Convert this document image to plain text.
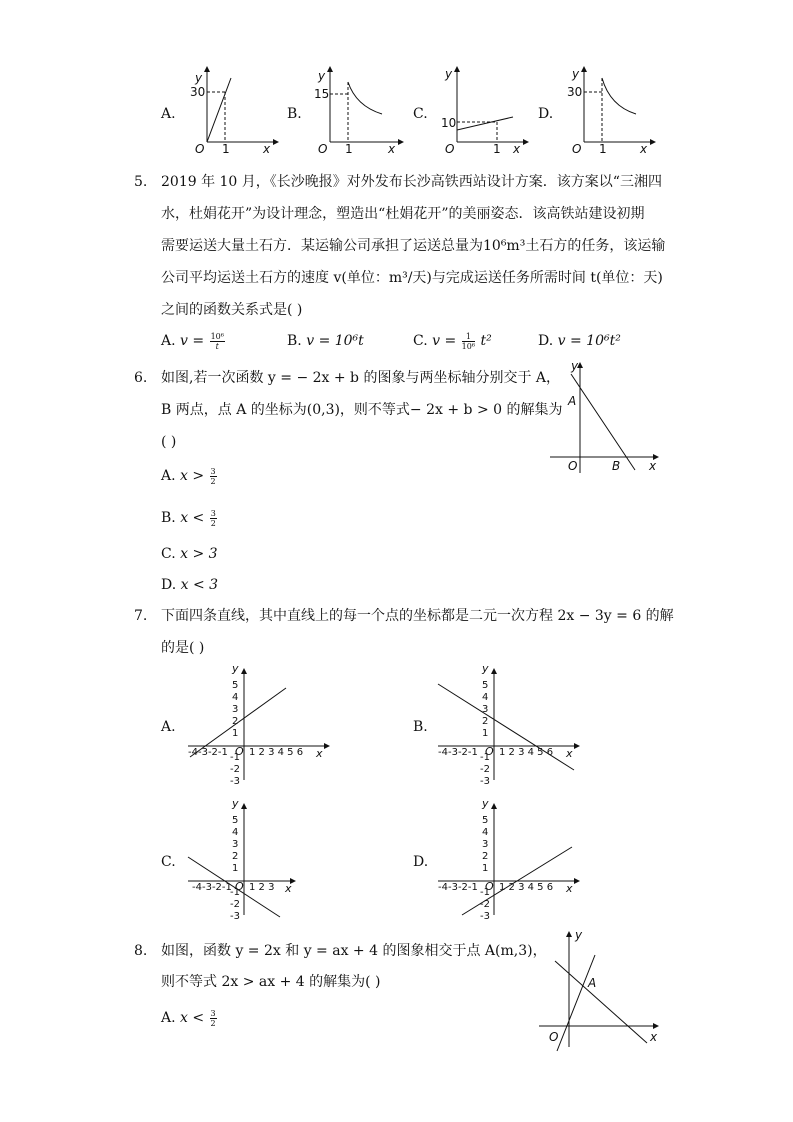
A.
y
30
O 1	x
B.
y
15
O 1	x
C.
y
10
O	1 x
D.
y
30
O 1	x
5. 2019 年 10 月，《长沙晚报》对外发布长沙高铁西站设计方案．该方案以“三湘四
水，杜娟花开”为设计理念，塑造出“杜娟花开”的美丽姿态．该高铁站建设初期
需要运送大量土石方．某运输公司承担了运送总量为10⁶m³土石方的任务，该运输
公司平均运送土石方的速度 v(单位：m³/天)与完成运送任务所需时间 t(单位：天)
之间的函数关系式是( )
A. $v = \frac{\text{10⁶}}{t}$	B. v = 10⁶t	C. $v = \frac{1}{\text{10⁶}} t^2$	D. v = 10⁶t²
6. 如图,若一次函数 y = − 2x + b 的图象与两坐标轴分别交于 A，
B 两点，点 A 的坐标为(0,3)，则不等式− 2x + b > 0 的解集为
( )
A. $x > \frac{3}{2}$
B. $x < \frac{3}{2}$
C. x > 3
D. x < 3
y
x
O
A
B
7. 下面四条直线，其中直线上的每一个点的坐标都是二元一次方程 2x − 3y = 6 的解
的是( )
A.
y
5
4
3
2
1
-1
-2
-3
-4-3-2-1 O 1 2 3 4 5 6 x
B.
y
5
4
3
2
1
-1
-2
-3
-4-3-2-1 O 1 2 3 4 5 6 x
C.
y
5
4
3
2
1
-1
-2
-3
-4-3-2-1 O 1 2 3 x
D.
y
5
4
3
2
1
-1
-2
-3
-4-3-2-1 O 1 2 3 4 5 6 x
8. 如图，函数 y = 2x 和 y = ax + 4 的图象相交于点 A(m,3)，
则不等式 2x > ax + 4 的解集为( )
A. $x < \frac{3}{2}$
y
x
O
A
